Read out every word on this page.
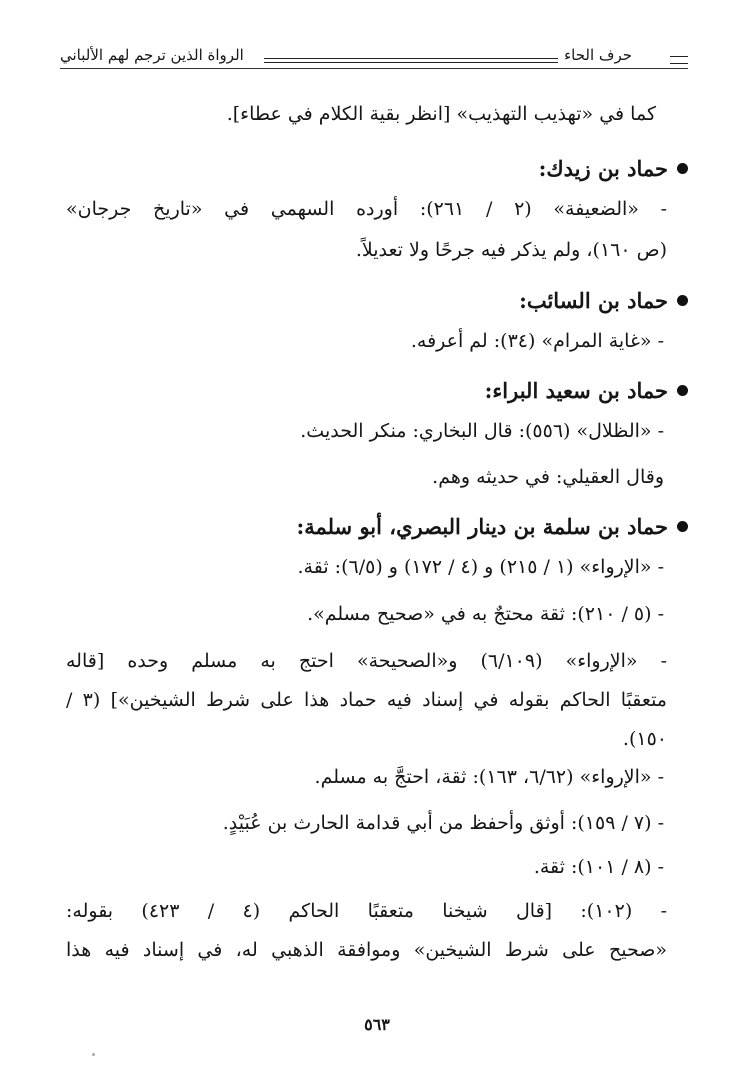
حرف الحاء
الرواة الذين ترجم لهم الألباني
كما في «تهذيب التهذيب» [انظر بقية الكلام في عطاء].
حماد بن زيدك:
- «الضعيفة» (٢ / ٢٦١): أورده السهمي في «تاريخ جرجان»
(ص ١٦٠)، ولم يذكر فيه جرحًا ولا تعديلاً.
حماد بن السائب:
- «غاية المرام» (٣٤): لم أعرفه.
حماد بن سعيد البراء:
- «الظلال» (٥٥٦): قال البخاري: منكر الحديث.
وقال العقيلي: في حديثه وهم.
حماد بن سلمة بن دينار البصري، أبو سلمة:
- «الإرواء» (١ / ٢١٥) و (٤ / ١٧٢) و (٦/٥): ثقة.
- (٥ / ٢١٠): ثقة محتجٌ به في «صحيح مسلم».
- «الإرواء» (٦/١٠٩) و«الصحيحة» احتج به مسلم وحده [قاله
متعقبًا الحاكم بقوله في إسناد فيه حماد هذا على شرط الشيخين»] (٣ /
١٥٠).
- «الإرواء» (٦/٦٢، ١٦٣): ثقة، احتجَّ به مسلم.
- (٧ / ١٥٩): أوثق وأحفظ من أبي قدامة الحارث بن عُبَيْدٍ.
- (٨ / ١٠١): ثقة.
- (١٠٢): [قال شيخنا متعقبًا الحاكم (٤ / ٤٢٣) بقوله:
«صحيح على شرط الشيخين» وموافقة الذهبي له، في إسناد فيه هذا
٥٦٣
